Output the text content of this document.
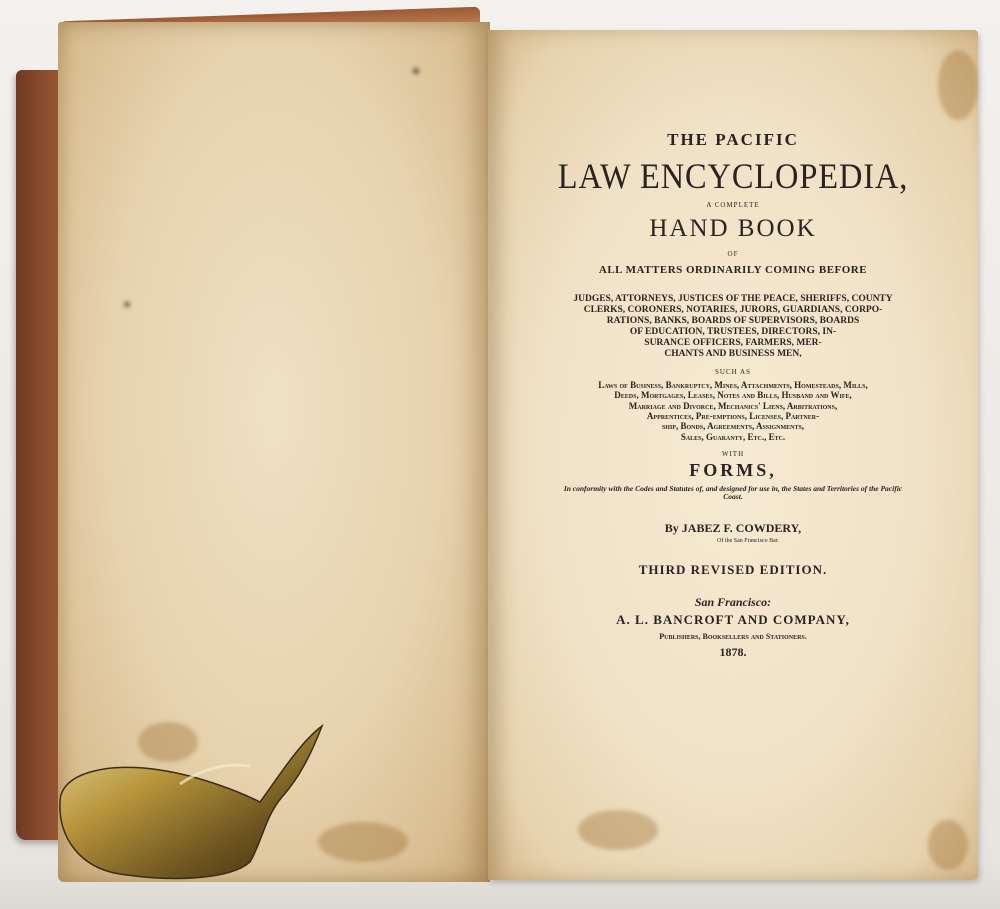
THE PACIFIC
LAW ENCYCLOPEDIA,
A COMPLETE
HAND BOOK
OF
ALL MATTERS ORDINARILY COMING BEFORE
JUDGES, ATTORNEYS, JUSTICES OF THE PEACE, SHERIFFS, COUNTY
CLERKS, CORONERS, NOTARIES, JURORS, GUARDIANS, CORPO-
RATIONS, BANKS, BOARDS OF SUPERVISORS, BOARDS
OF EDUCATION, TRUSTEES, DIRECTORS, IN-
SURANCE OFFICERS, FARMERS, MER-
CHANTS AND BUSINESS MEN,
SUCH AS
Laws of Business, Bankruptcy, Mines, Attachments, Homesteads, Mills,
Deeds, Mortgages, Leases, Notes and Bills, Husband and Wife,
Marriage and Divorce, Mechanics' Liens, Arbitrations,
Apprentices, Pre-emptions, Licenses, Partner-
ship, Bonds, Agreements, Assignments,
Sales, Guaranty, Etc., Etc.
WITH
FORMS,
In conformity with the Codes and Statutes of, and designed for use in, the States and Territories of the Pacific Coast.
By JABEZ F. COWDERY,
Of the San Francisco Bar.
THIRD REVISED EDITION.
San Francisco:
A. L. BANCROFT AND COMPANY,
Publishers, Booksellers and Stationers.
1878.
